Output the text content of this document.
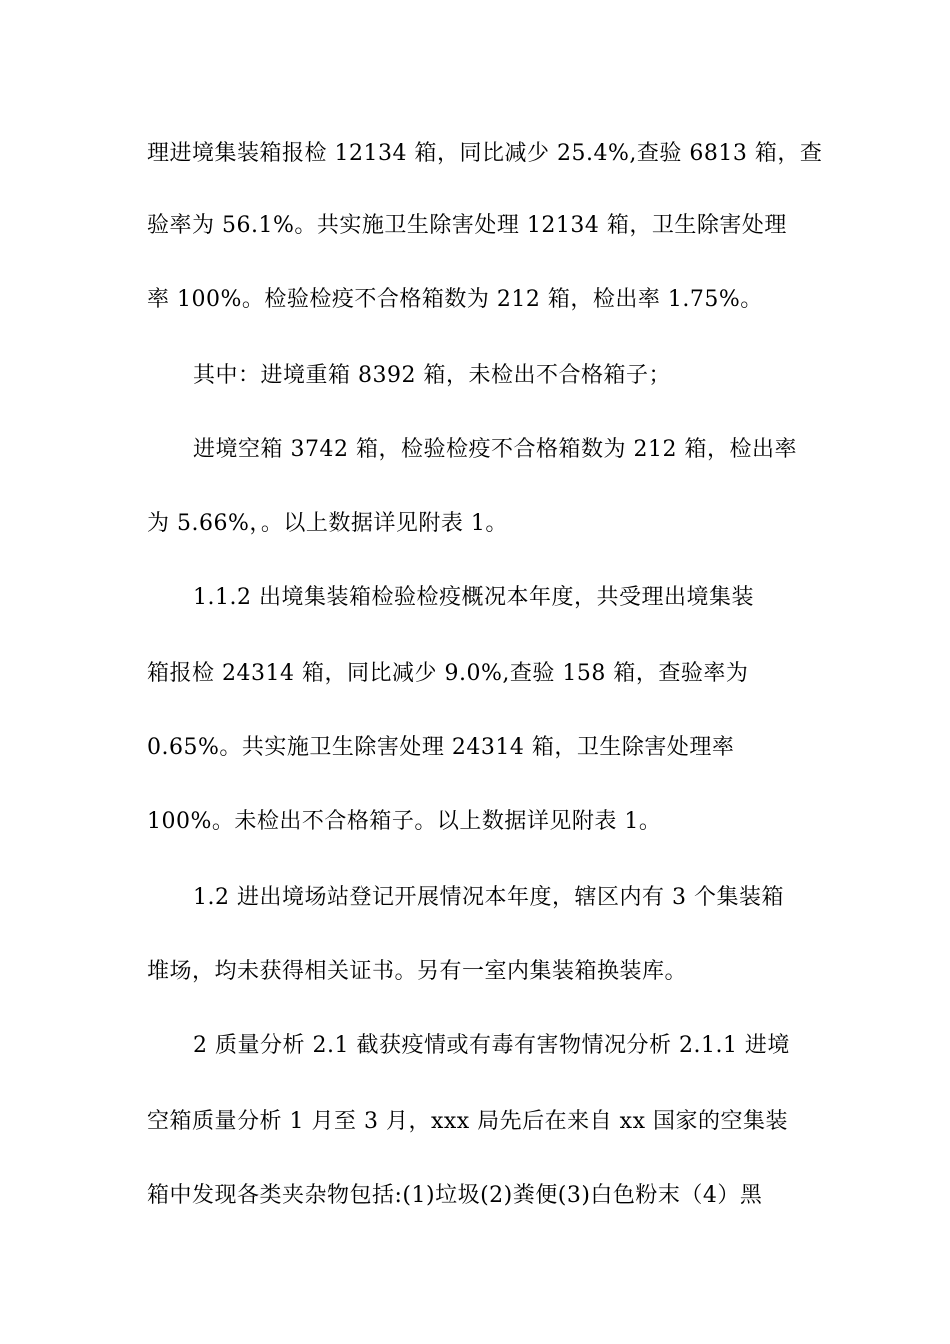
理进境集装箱报检 12134 箱，同比减少 25.4%,查验 6813 箱，查
验率为 56.1%。共实施卫生除害处理 12134 箱，卫生除害处理
率 100%。检验检疫不合格箱数为 212 箱，检出率 1.75%。
其中：进境重箱 8392 箱，未检出不合格箱子；
进境空箱 3742 箱，检验检疫不合格箱数为 212 箱，检出率
为 5.66%，。以上数据详见附表 1。
1.1.2 出境集装箱检验检疫概况本年度，共受理出境集装
箱报检 24314 箱，同比减少 9.0%,查验 158 箱，查验率为
0.65%。共实施卫生除害处理 24314 箱，卫生除害处理率
100%。未检出不合格箱子。以上数据详见附表 1。
1.2 进出境场站登记开展情况本年度，辖区内有 3 个集装箱
堆场，均未获得相关证书。另有一室内集装箱换装库。
2 质量分析 2.1 截获疫情或有毒有害物情况分析 2.1.1 进境
空箱质量分析 1 月至 3 月，xxx 局先后在来自 xx 国家的空集装
箱中发现各类夹杂物包括:(1)垃圾(2)粪便(3)白色粉末（4）黑
